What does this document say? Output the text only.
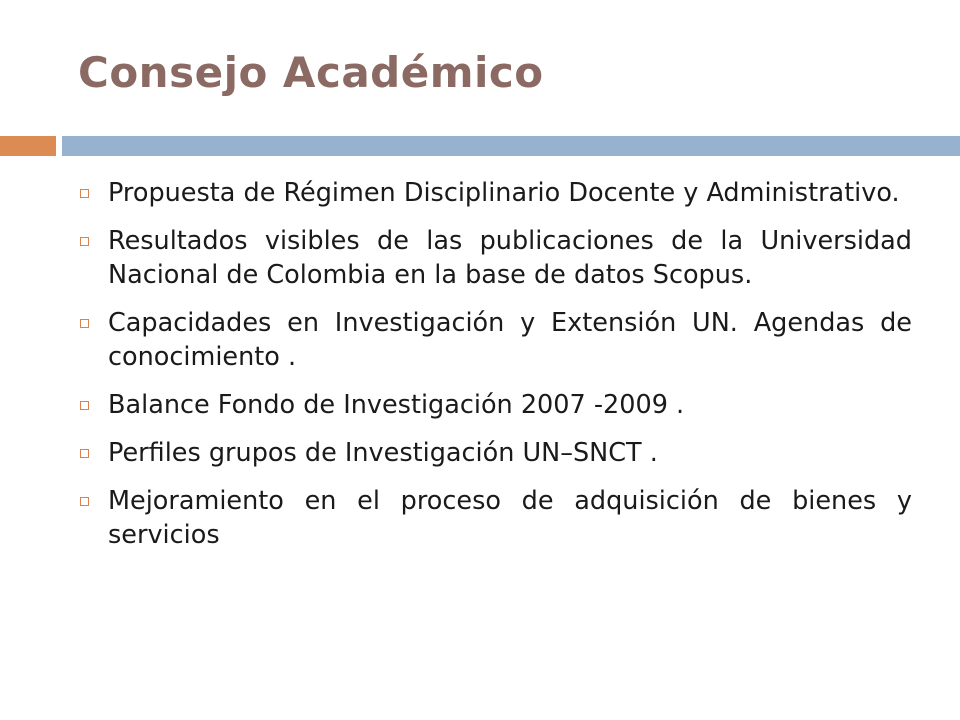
Consejo Académico
Propuesta de Régimen Disciplinario Docente y Administrativo.
Resultados visibles de las publicaciones de la Universidad Nacional de Colombia en la base de datos Scopus.
Capacidades en Investigación y Extensión UN. Agendas de conocimiento .
Balance Fondo de Investigación 2007 -2009 .
Perfiles grupos de Investigación UN–SNCT .
Mejoramiento en el proceso de adquisición de bienes y servicios
